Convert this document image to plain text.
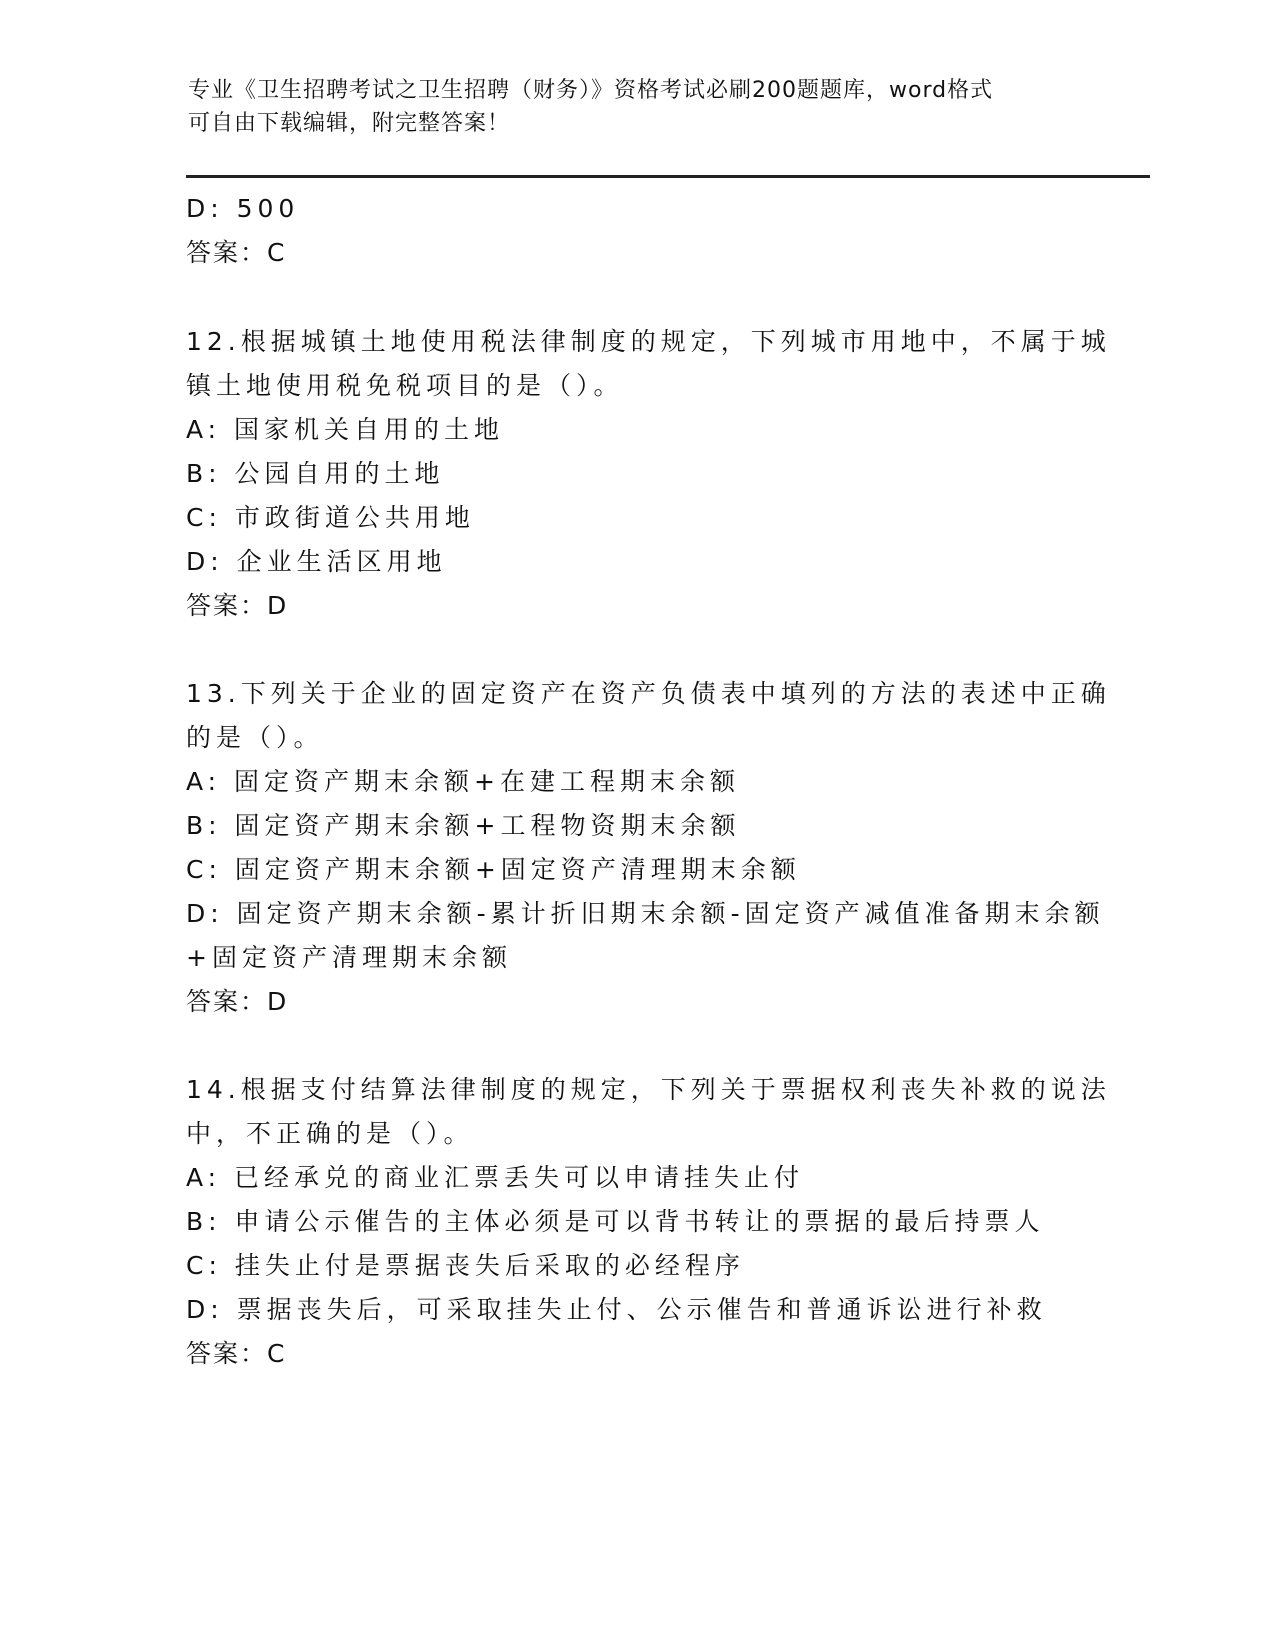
专业《卫生招聘考试之卫生招聘（财务）》资格考试必刷200题题库，word格式
可自由下载编辑，附完整答案！
D: 500
答案：C
12.根据城镇土地使用税法律制度的规定，下列城市用地中，不属于城
镇土地使用税免税项目的是（）。
A: 国家机关自用的土地
B: 公园自用的土地
C: 市政街道公共用地
D: 企业生活区用地
答案：D
13.下列关于企业的固定资产在资产负债表中填列的方法的表述中正确
的是（）。
A: 固定资产期末余额+在建工程期末余额
B: 固定资产期末余额+工程物资期末余额
C: 固定资产期末余额+固定资产清理期末余额
D: 固定资产期末余额-累计折旧期末余额-固定资产减值准备期末余额
+固定资产清理期末余额
答案：D
14.根据支付结算法律制度的规定，下列关于票据权利丧失补救的说法
中，不正确的是（）。
A: 已经承兑的商业汇票丢失可以申请挂失止付
B: 申请公示催告的主体必须是可以背书转让的票据的最后持票人
C: 挂失止付是票据丧失后采取的必经程序
D: 票据丧失后，可采取挂失止付、公示催告和普通诉讼进行补救
答案：C
